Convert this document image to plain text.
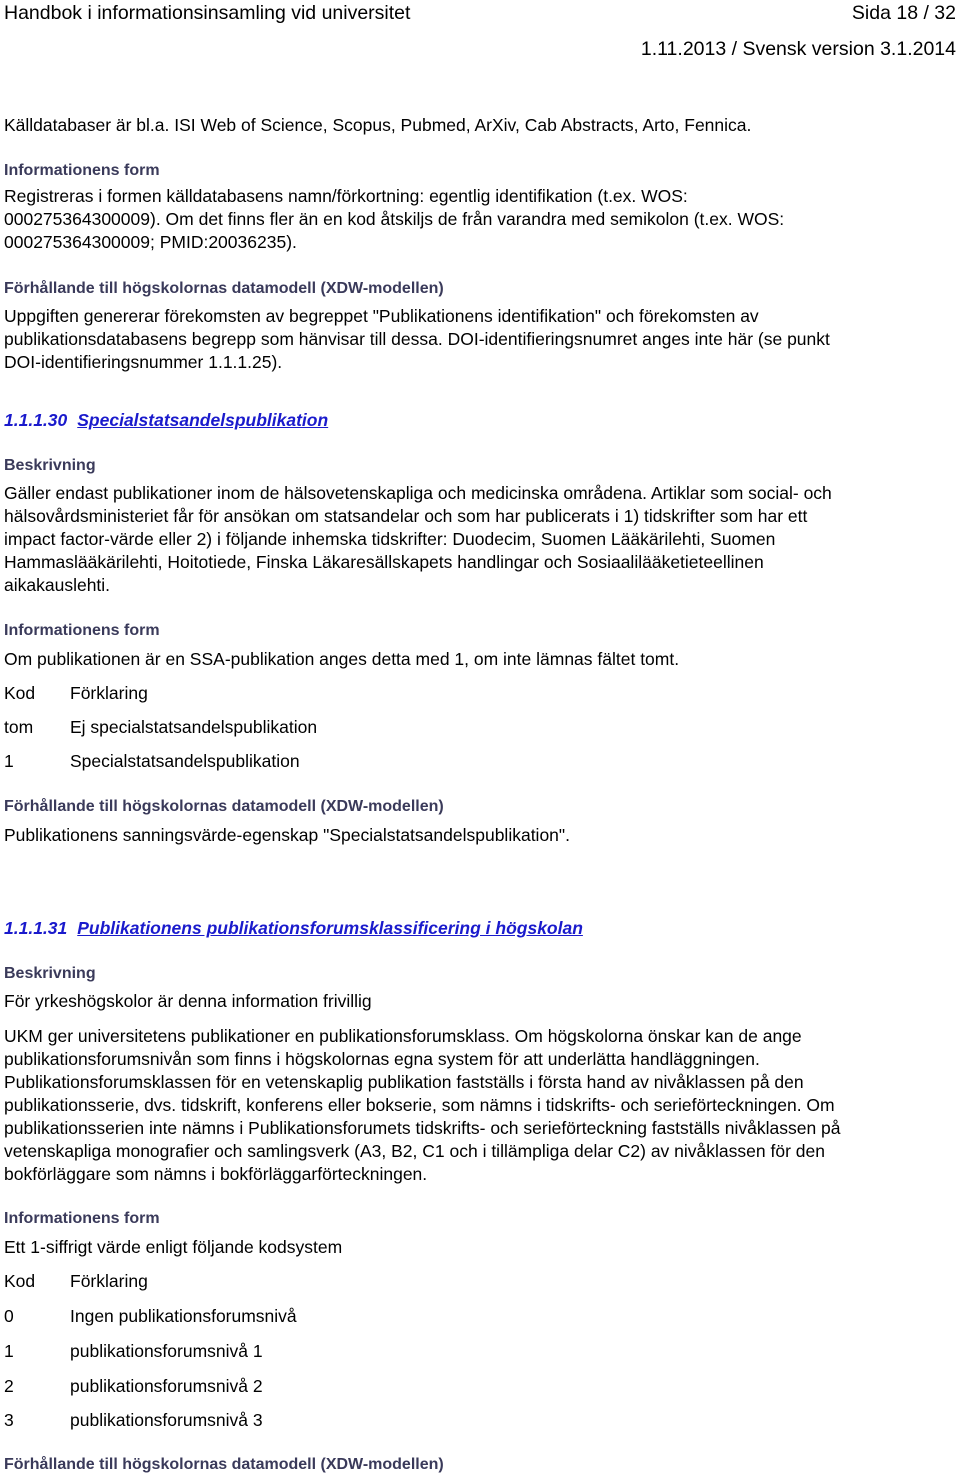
Handbok i informationsinsamling vid universitet	Sida 18 / 32
1.11.2013 / Svensk version 3.1.2014
Källdatabaser är bl.a. ISI Web of Science, Scopus, Pubmed, ArXiv, Cab Abstracts, Arto, Fennica.
Informationens form
Registreras i formen källdatabasens namn/förkortning: egentlig identifikation (t.ex. WOS:
000275364300009). Om det finns fler än en kod åtskiljs de från varandra med semikolon (t.ex. WOS:
000275364300009; PMID:20036235).
Förhållande till högskolornas datamodell (XDW-modellen)
Uppgiften genererar förekomsten av begreppet "Publikationens identifikation" och förekomsten av
publikationsdatabasens begrepp som hänvisar till dessa. DOI-identifieringsnumret anges inte här (se punkt
DOI-identifieringsnummer 1.1.1.25).
1.1.1.30 Specialstatsandelspublikation
Beskrivning
Gäller endast publikationer inom de hälsovetenskapliga och medicinska områdena. Artiklar som social- och
hälsovårdsministeriet får för ansökan om statsandelar och som har publicerats i 1) tidskrifter som har ett
impact factor-värde eller 2) i följande inhemska tidskrifter: Duodecim, Suomen Lääkärilehti, Suomen
Hammaslääkärilehti, Hoitotiede, Finska Läkaresällskapets handlingar och Sosiaalilääketieteellinen
aikakauslehti.
Informationens form
Om publikationen är en SSA-publikation anges detta med 1, om inte lämnas fältet tomt.
Kod Förklaring
tom Ej specialstatsandelspublikation
1	Specialstatsandelspublikation
Förhållande till högskolornas datamodell (XDW-modellen)
Publikationens sanningsvärde-egenskap "Specialstatsandelspublikation".
1.1.1.31 Publikationens publikationsforumsklassificering i högskolan
Beskrivning
För yrkeshögskolor är denna information frivillig
UKM ger universitetens publikationer en publikationsforumsklass. Om högskolorna önskar kan de ange
publikationsforumsnivån som finns i högskolornas egna system för att underlätta handläggningen.
Publikationsforumsklassen för en vetenskaplig publikation fastställs i första hand av nivåklassen på den
publikationsserie, dvs. tidskrift, konferens eller bokserie, som nämns i tidskrifts- och serieförteckningen. Om
publikationsserien inte nämns i Publikationsforumets tidskrifts- och serieförteckning fastställs nivåklassen på
vetenskapliga monografier och samlingsverk (A3, B2, C1 och i tillämpliga delar C2) av nivåklassen för den
bokförläggare som nämns i bokförläggarförteckningen.
Informationens form
Ett 1-siffrigt värde enligt följande kodsystem
Kod Förklaring
0	Ingen publikationsforumsnivå
1	publikationsforumsnivå 1
2	publikationsforumsnivå 2
3	publikationsforumsnivå 3
Förhållande till högskolornas datamodell (XDW-modellen)
